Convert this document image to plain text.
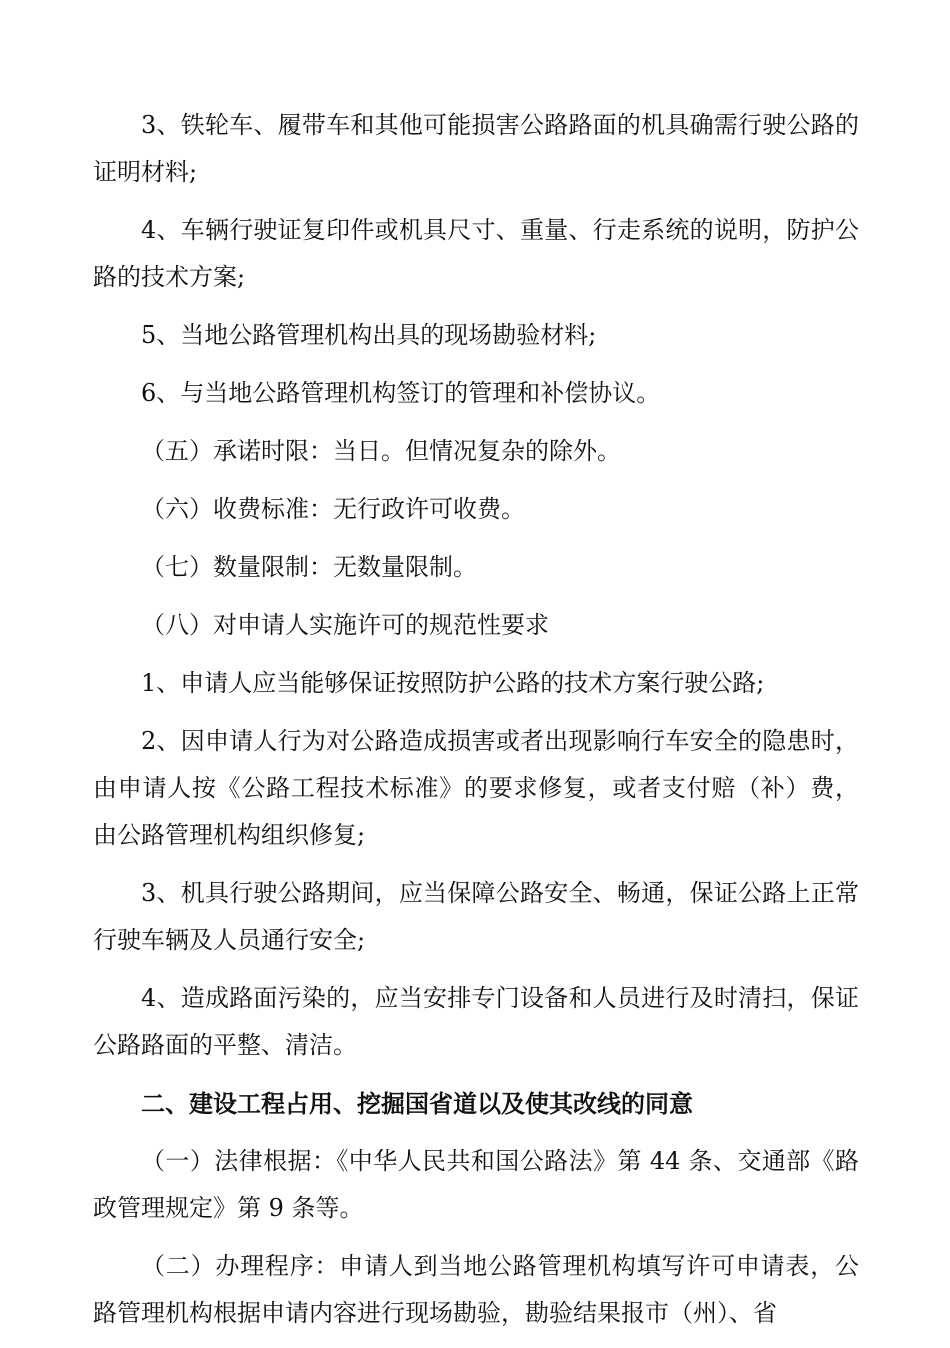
3、铁轮车、履带车和其他可能损害公路路面的机具确需行驶公路的证明材料;

4、车辆行驶证复印件或机具尺寸、重量、行走系统的说明，防护公路的技术方案;

5、当地公路管理机构出具的现场勘验材料;

6、与当地公路管理机构签订的管理和补偿协议。

（五）承诺时限：当日。但情况复杂的除外。

（六）收费标准：无行政许可收费。

（七）数量限制：无数量限制。

（八）对申请人实施许可的规范性要求

1、申请人应当能够保证按照防护公路的技术方案行驶公路;

2、因申请人行为对公路造成损害或者出现影响行车安全的隐患时，由申请人按《公路工程技术标准》的要求修复，或者支付赔（补）费，由公路管理机构组织修复;

3、机具行驶公路期间，应当保障公路安全、畅通，保证公路上正常行驶车辆及人员通行安全;

4、造成路面污染的，应当安排专门设备和人员进行及时清扫，保证公路路面的平整、清洁。

二、建设工程占用、挖掘国省道以及使其改线的同意

（一）法律根据：《中华人民共和国公路法》第 44 条、交通部《路政管理规定》第 9 条等。

（二）办理程序：申请人到当地公路管理机构填写许可申请表，公路管理机构根据申请内容进行现场勘验，勘验结果报市（州）、省
